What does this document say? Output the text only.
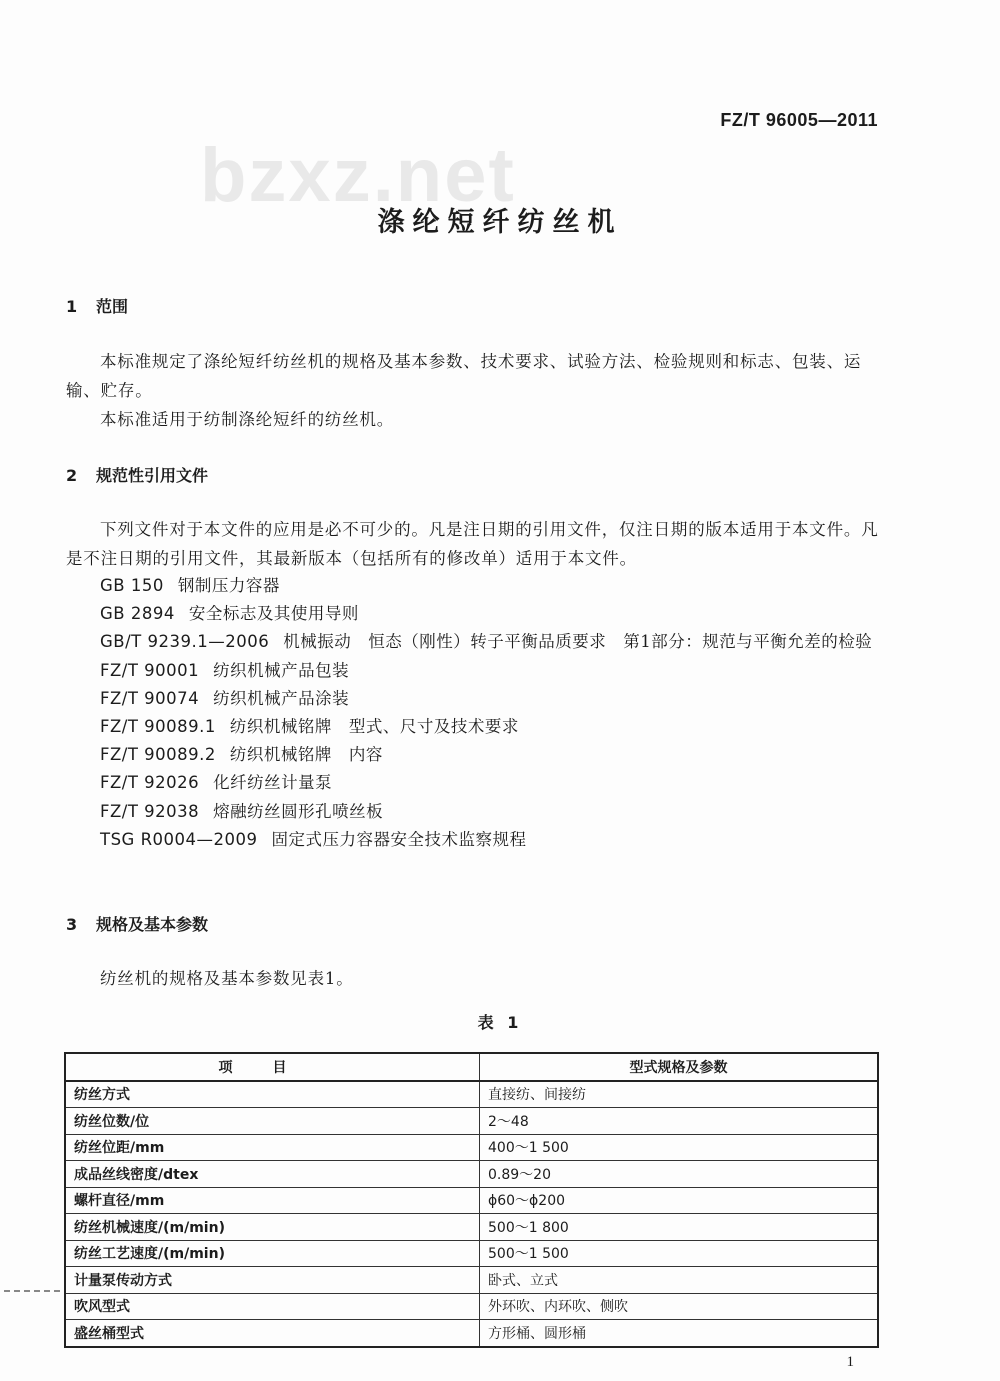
bzxz.net
FZ/T 96005—2011
涤纶短纤纺丝机
1 范围
本标准规定了涤纶短纤纺丝机的规格及基本参数、技术要求、试验方法、检验规则和标志、包装、运输、贮存。
本标准适用于纺制涤纶短纤的纺丝机。
2 规范性引用文件
下列文件对于本文件的应用是必不可少的。凡是注日期的引用文件，仅注日期的版本适用于本文件。凡是不注日期的引用文件，其最新版本（包括所有的修改单）适用于本文件。
GB 150 钢制压力容器
GB 2894 安全标志及其使用导则
GB/T 9239.1—2006 机械振动　恒态（刚性）转子平衡品质要求　第1部分：规范与平衡允差的检验
FZ/T 90001 纺织机械产品包装
FZ/T 90074 纺织机械产品涂装
FZ/T 90089.1 纺织机械铭牌　型式、尺寸及技术要求
FZ/T 90089.2 纺织机械铭牌　内容
FZ/T 92026 化纤纺丝计量泵
FZ/T 92038 熔融纺丝圆形孔喷丝板
TSG R0004—2009 固定式压力容器安全技术监察规程
3 规格及基本参数
纺丝机的规格及基本参数见表1。
表 1
项目	型式规格及参数
纺丝方式	直接纺、间接纺
纺丝位数/位	2～48
纺丝位距/mm	400～1 500
成品丝线密度/dtex	0.89～20
螺杆直径/mm	ϕ60～ϕ200
纺丝机械速度/(m/min)	500～1 800
纺丝工艺速度/(m/min)	500～1 500
计量泵传动方式	卧式、立式
吹风型式	外环吹、内环吹、侧吹
盛丝桶型式	方形桶、圆形桶
1
